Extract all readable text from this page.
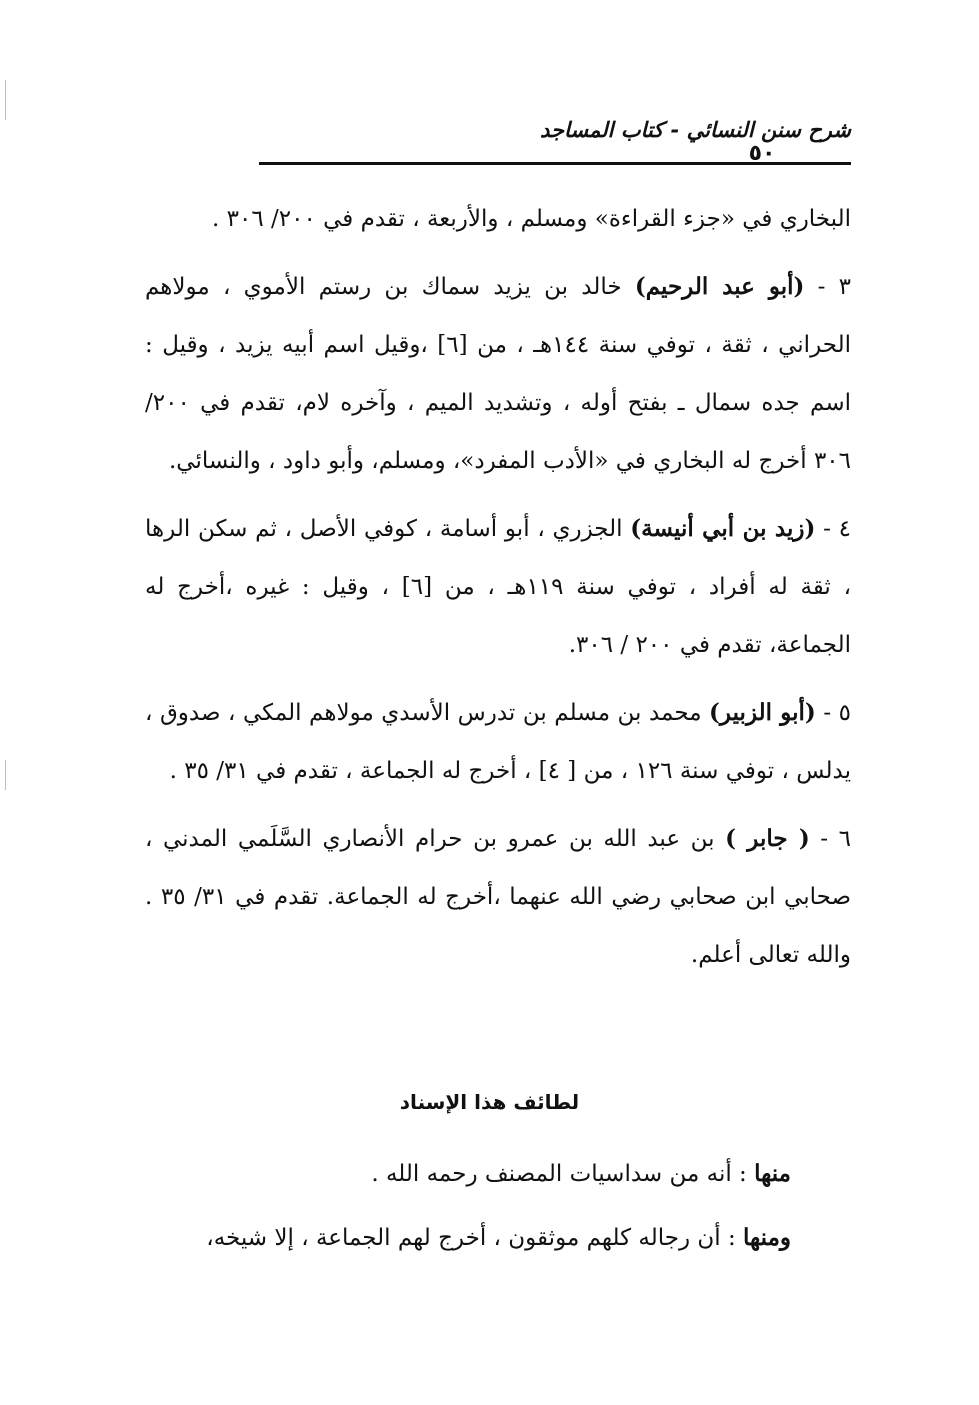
شرح سنن النسائي - كتاب المساجد
٥٠

البخاري في «جزء القراءة» ومسلم ، والأربعة ، تقدم في ٢٠٠/ ٣٠٦ .

٣ - (أبو عبد الرحيم) خالد بن يزيد سماك بن رستم الأموي ، مولاهم الحراني ، ثقة ، توفي سنة ١٤٤هـ ، من [٦] ،وقيل اسم أبيه يزيد ، وقيل : اسم جده سمال ـ بفتح أوله ، وتشديد الميم ، وآخره لام، تقدم في ٢٠٠/ ٣٠٦ أخرج له البخاري في «الأدب المفرد»، ومسلم، وأبو داود ، والنسائي.

٤ - (زيد بن أبي أنيسة) الجزري ، أبو أسامة ، كوفي الأصل ، ثم سكن الرها ، ثقة له أفراد ، توفي سنة ١١٩هـ ، من [٦] ، وقيل : غيره ،أخرج له الجماعة، تقدم في ٢٠٠ / ٣٠٦.

٥ - (أبو الزبير) محمد بن مسلم بن تدرس الأسدي مولاهم المكي ، صدوق ، يدلس ، توفي سنة ١٢٦ ، من [ ٤] ، أخرج له الجماعة ، تقدم في ٣١/ ٣٥ .

٦ - ( جابر ) بن عبد الله بن عمرو بن حرام الأنصاري السَّلَمي المدني ، صحابي ابن صحابي رضي الله عنهما ،أخرج له الجماعة. تقدم في ٣١/ ٣٥ . والله تعالى أعلم.

لطائف هذا الإسناد

منها : أنه من سداسيات المصنف رحمه الله .

ومنها : أن رجاله كلهم موثقون ، أخرج لهم الجماعة ، إلا شيخه،
